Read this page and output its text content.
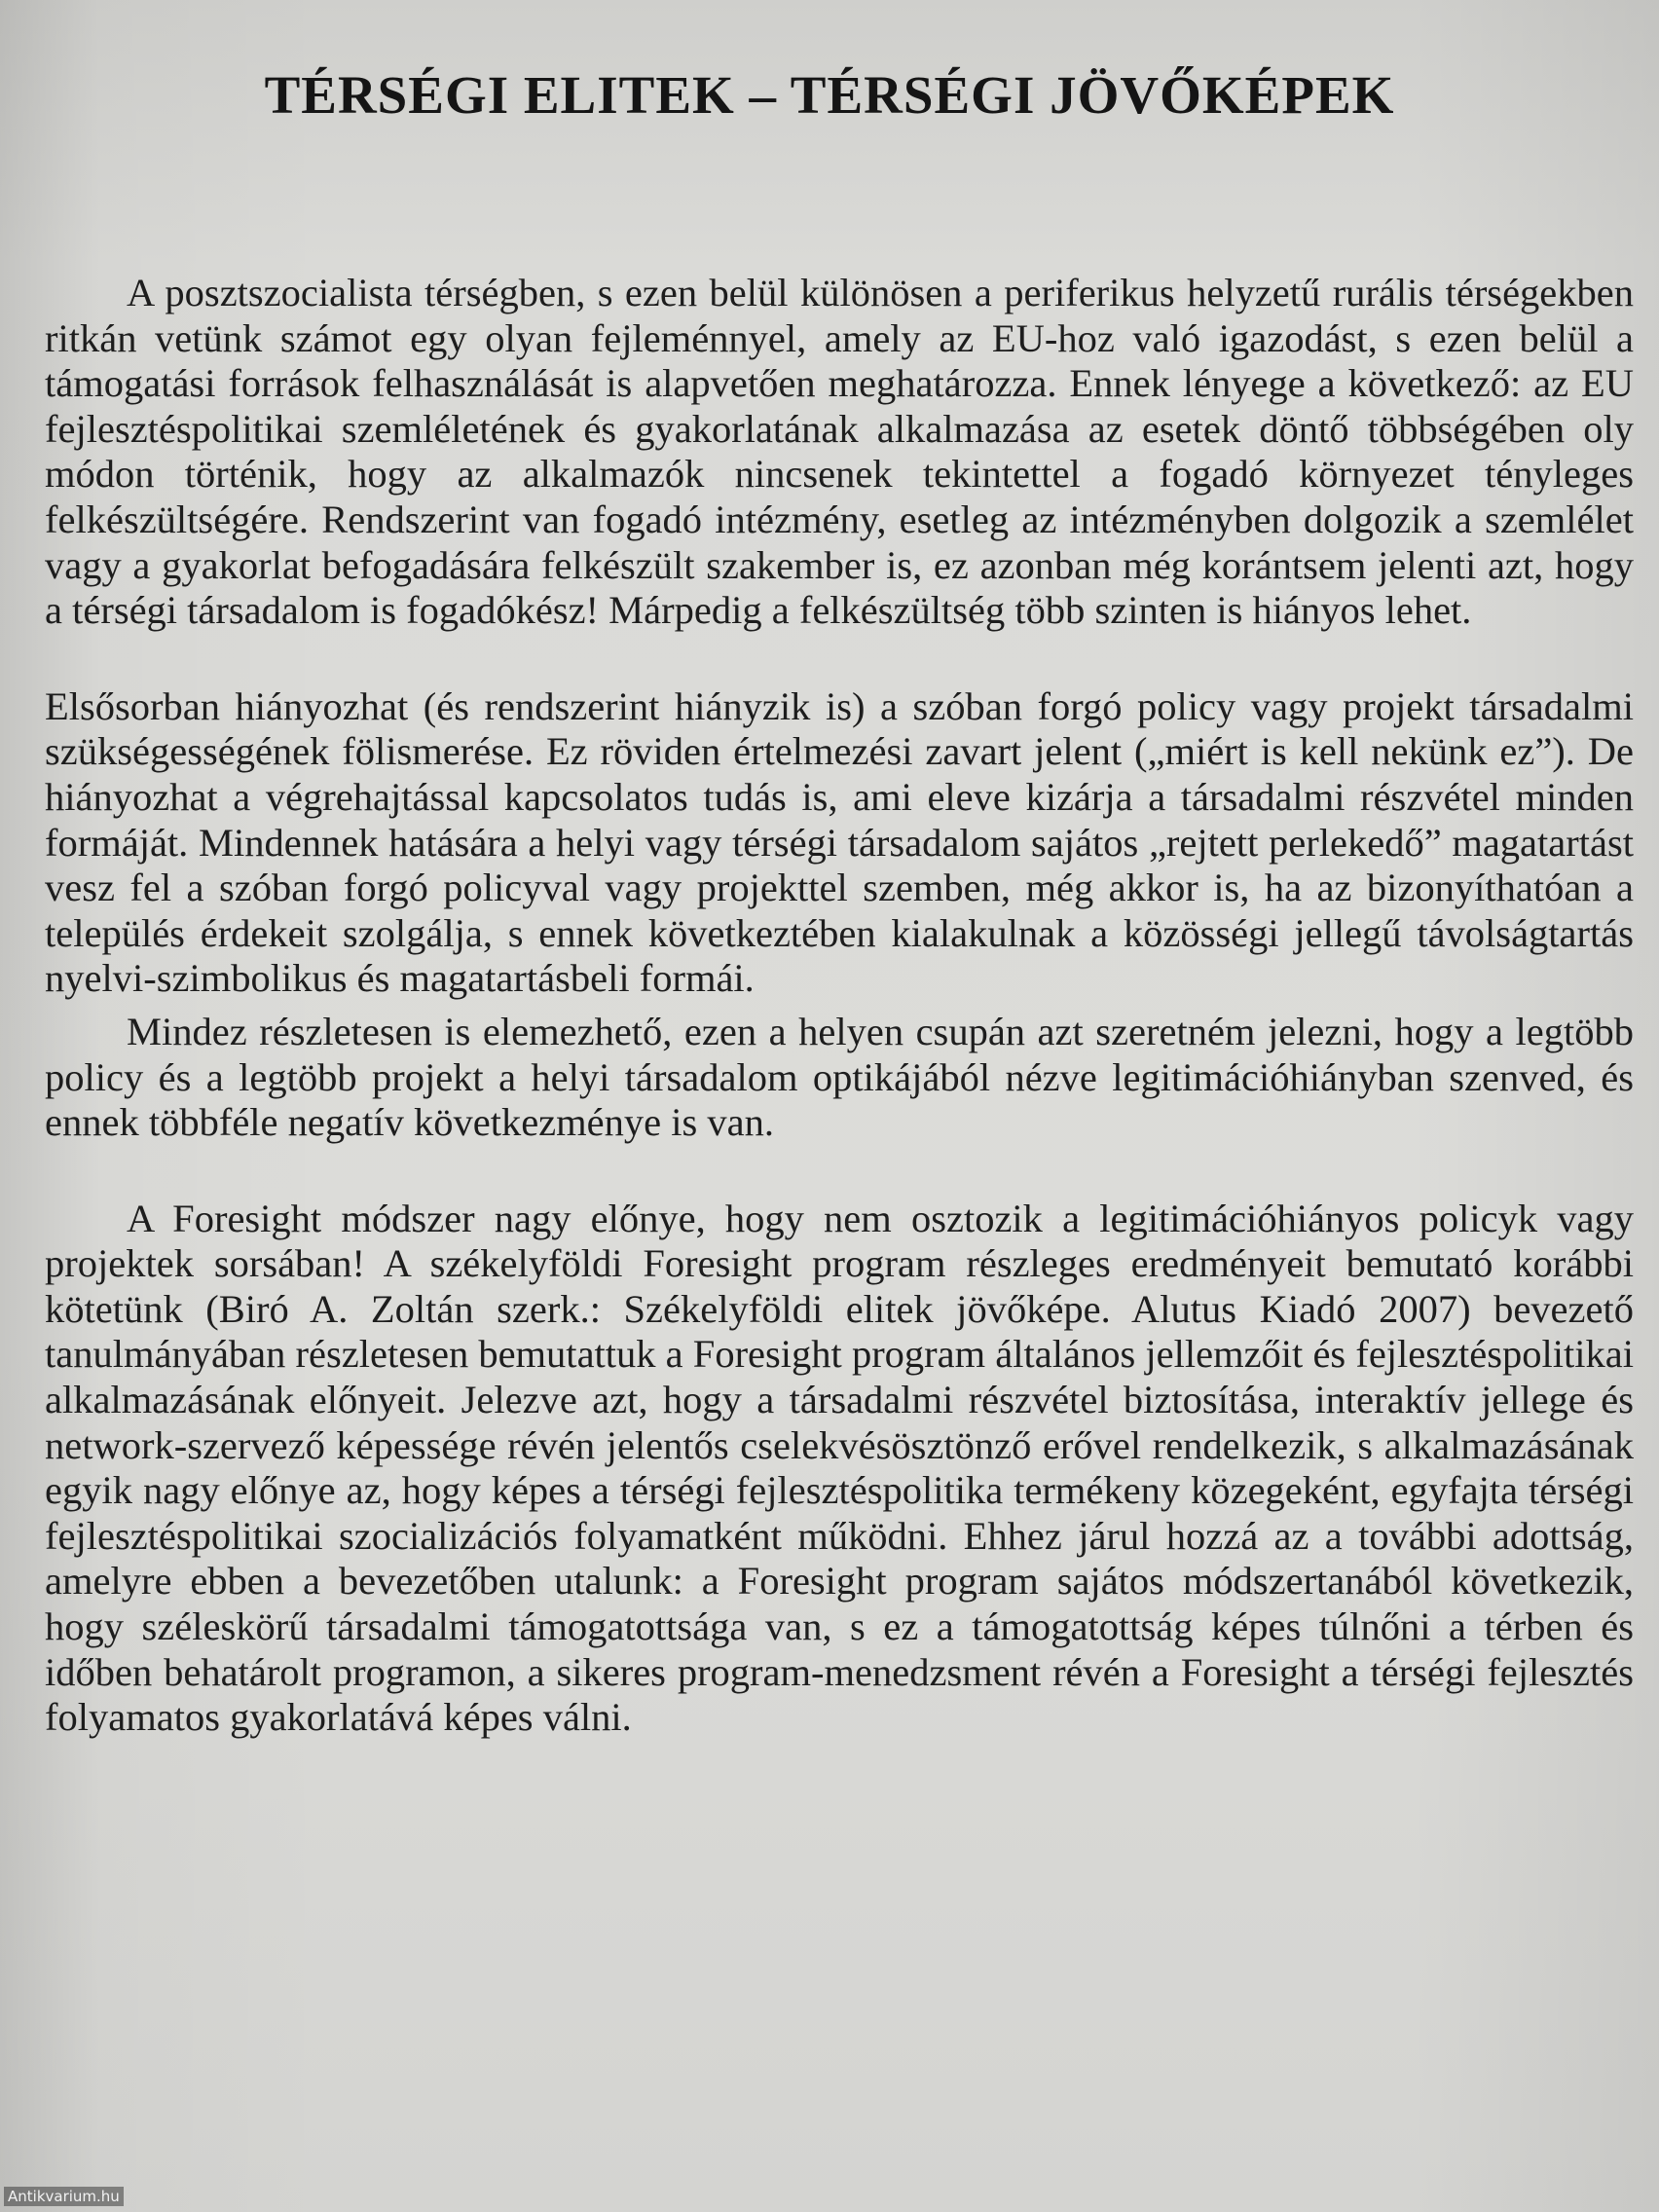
TÉRSÉGI ELITEK – TÉRSÉGI JÖVŐKÉPEK

A posztszocialista térségben, s ezen belül különösen a periferikus helyzetű rurális térségekben ritkán vetünk számot egy olyan fejleménnyel, amely az EU-hoz való igazodást, s ezen belül a támogatási források felhasználását is alapvetően meghatározza. Ennek lényege a következő: az EU fejlesztéspolitikai szemléletének és gyakorlatának alkalmazása az esetek döntő többségében oly módon történik, hogy az alkalmazók nincsenek tekintettel a fogadó környezet tényleges felkészültségére. Rendszerint van fogadó intézmény, esetleg az intézményben dolgozik a szemlélet vagy a gyakorlat befogadására felkészült szakember is, ez azonban még korántsem jelenti azt, hogy a térségi társadalom is fogadókész! Márpedig a felkészültség több szinten is hiányos lehet.

Elsősorban hiányozhat (és rendszerint hiányzik is) a szóban forgó policy vagy projekt társadalmi szükségességének fölismerése. Ez röviden értelmezési zavart jelent („miért is kell nekünk ez”). De hiányozhat a végrehajtással kapcsolatos tudás is, ami eleve kizárja a társadalmi részvétel minden formáját. Mindennek hatására a helyi vagy térségi társadalom sajátos „rejtett perlekedő” magatartást vesz fel a szóban forgó policyval vagy projekttel szemben, még akkor is, ha az bizonyíthatóan a település érdekeit szolgálja, s ennek következtében kialakulnak a közösségi jellegű távolságtartás nyelvi-szimbolikus és magatartásbeli formái.

Mindez részletesen is elemezhető, ezen a helyen csupán azt szeretném jelezni, hogy a legtöbb policy és a legtöbb projekt a helyi társadalom optikájából nézve legitimációhiányban szenved, és ennek többféle negatív következménye is van.

A Foresight módszer nagy előnye, hogy nem osztozik a legitimációhiányos policyk vagy projektek sorsában! A székelyföldi Foresight program részleges eredményeit bemutató korábbi kötetünk (Biró A. Zoltán szerk.: Székelyföldi elitek jövőképe. Alutus Kiadó 2007) bevezető tanulmányában részletesen bemutattuk a Foresight program általános jellemzőit és fejlesztéspolitikai alkalmazásának előnyeit. Jelezve azt, hogy a társadalmi részvétel biztosítása, interaktív jellege és network-szervező képessége révén jelentős cselekvésösztönző erővel rendelkezik, s alkalmazásának egyik nagy előnye az, hogy képes a térségi fejlesztéspolitika termékeny közegeként, egyfajta térségi fejlesztéspolitikai szocializációs folyamatként működni. Ehhez járul hozzá az a további adottság, amelyre ebben a bevezetőben utalunk: a Foresight program sajátos módszertanából következik, hogy széleskörű társadalmi támogatottsága van, s ez a támogatottság képes túlnőni a térben és időben behatárolt programon, a sikeres program-menedzsment révén a Foresight a térségi fejlesztés folyamatos gyakorlatává képes válni.

Antikvarium.hu
